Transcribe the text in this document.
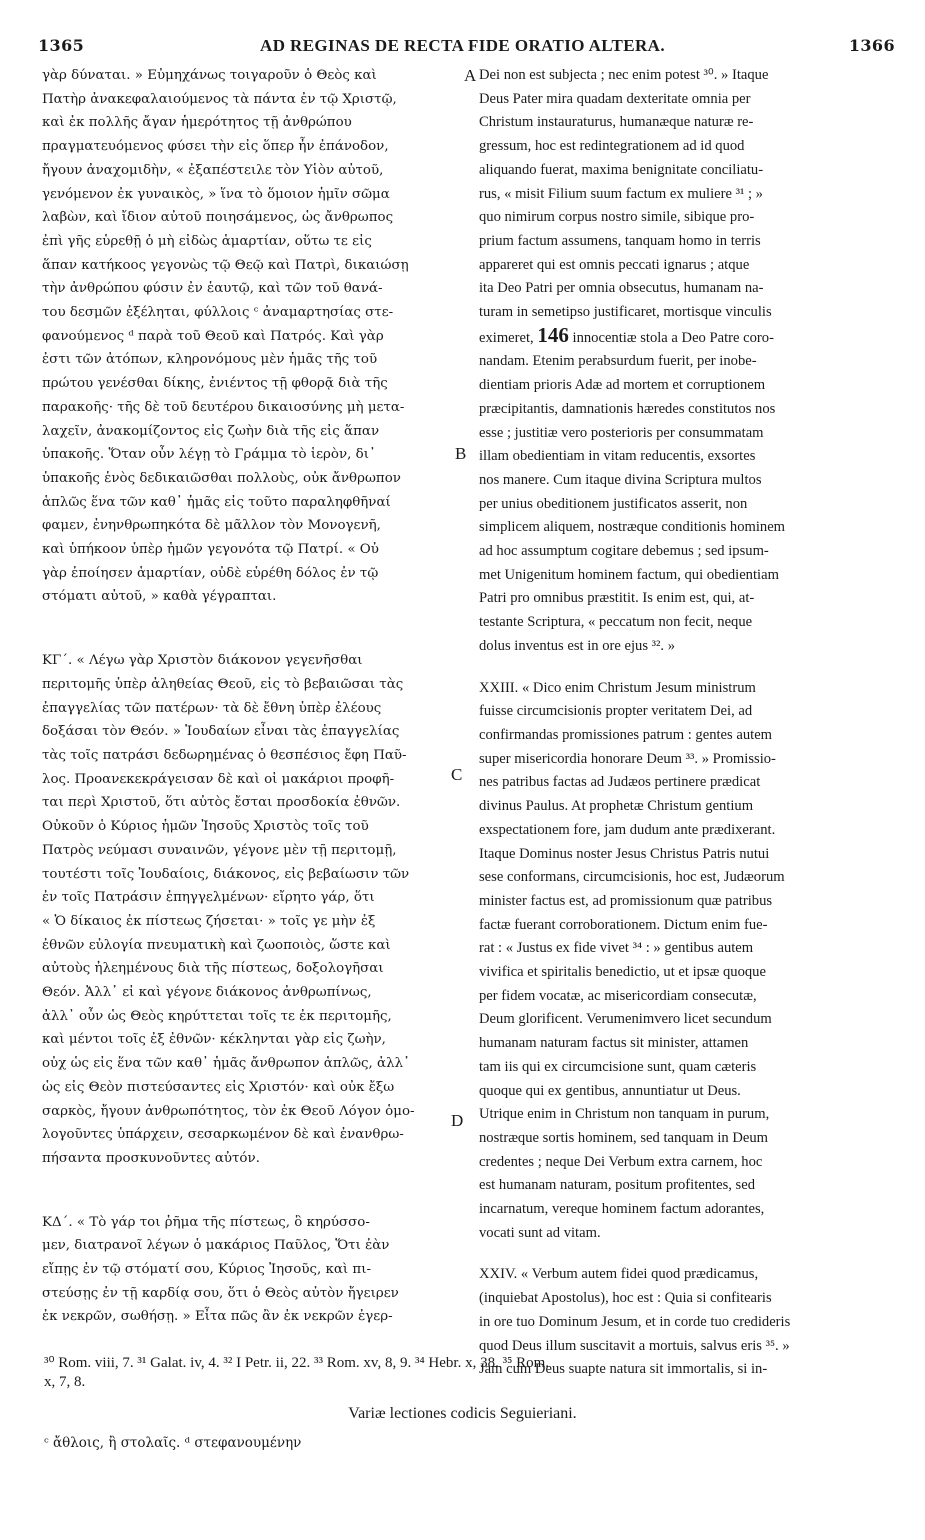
1365	AD REGINAS DE RECTA FIDE ORATIO ALTERA.	1366
A
B
C
D
γὰρ δύναται. » Εὐμηχάνως τοιγαροῦν ὁ Θεὸς καὶ
Πατὴρ ἀνακεφαλαιούμενος τὰ πάντα ἐν τῷ Χριστῷ,
καὶ ἐκ πολλῆς ἄγαν ἡμερότητος τῇ ἀνθρώπου
πραγματευόμενος φύσει τὴν εἰς ὅπερ ἦν ἐπάνοδον,
ἤγουν ἀναχομιδὴν, « ἐξαπέστειλε τὸν Υἱὸν αὐτοῦ,
γενόμενον ἐκ γυναικὸς, » ἵνα τὸ ὅμοιον ἡμῖν σῶμα
λαβὼν, καὶ ἴδιον αὐτοῦ ποιησάμενος, ὡς ἄνθρωπος
ἐπὶ γῆς εὑρεθῇ ὁ μὴ εἰδὼς ἁμαρτίαν, οὕτω τε εἰς
ἅπαν κατήκοος γεγονὼς τῷ Θεῷ καὶ Πατρὶ, δικαιώσῃ
τὴν ἀνθρώπου φύσιν ἐν ἑαυτῷ, καὶ τῶν τοῦ θανά-
του δεσμῶν ἐξέληται, φύλλοις ᶜ ἀναμαρτησίας στε-
φανούμενος ᵈ παρὰ τοῦ Θεοῦ καὶ Πατρός. Καὶ γὰρ
ἐστι τῶν ἀτόπων, κληρονόμους μὲν ἡμᾶς τῆς τοῦ
πρώτου γενέσθαι δίκης, ἐνιέντος τῇ φθορᾷ διὰ τῆς
παρακοῆς· τῆς δὲ τοῦ δευτέρου δικαιοσύνης μὴ μετα-
λαχεῖν, ἀνακομίζοντος εἰς ζωὴν διὰ τῆς εἰς ἅπαν
ὑπακοῆς. Ὅταν οὖν λέγῃ τὸ Γράμμα τὸ ἱερὸν, δι᾽
ὑπακοῆς ἑνὸς δεδικαιῶσθαι πολλοὺς, οὐκ ἄνθρωπον
ἁπλῶς ἕνα τῶν καθ᾽ ἡμᾶς εἰς τοῦτο παραληφθῆναί
φαμεν, ἐνηνθρωπηκότα δὲ μᾶλλον τὸν Μονογενῆ,
καὶ ὑπήκοον ὑπὲρ ἡμῶν γεγονότα τῷ Πατρί. « Οὐ
γὰρ ἐποίησεν ἁμαρτίαν, οὐδὲ εὑρέθη δόλος ἐν τῷ
στόματι αὐτοῦ, » καθὰ γέγραπται.
ΚΓ΄. « Λέγω γὰρ Χριστὸν διάκονον γεγενῆσθαι
περιτομῆς ὑπὲρ ἀληθείας Θεοῦ, εἰς τὸ βεβαιῶσαι τὰς
ἐπαγγελίας τῶν πατέρων· τὰ δὲ ἔθνη ὑπὲρ ἐλέους
δοξάσαι τὸν Θεόν. » Ἰουδαίων εἶναι τὰς ἐπαγγελίας
τὰς τοῖς πατράσι δεδωρημένας ὁ θεσπέσιος ἔφη Παῦ-
λος. Προανεκεκράγεισαν δὲ καὶ οἱ μακάριοι προφῆ-
ται περὶ Χριστοῦ, ὅτι αὐτὸς ἔσται προσδοκία ἐθνῶν.
Οὐκοῦν ὁ Κύριος ἡμῶν Ἰησοῦς Χριστὸς τοῖς τοῦ
Πατρὸς νεύμασι συναινῶν, γέγονε μὲν τῇ περιτομῇ,
τουτέστι τοῖς Ἰουδαίοις, διάκονος, εἰς βεβαίωσιν τῶν
ἐν τοῖς Πατράσιν ἐπηγγελμένων· εἴρητο γάρ, ὅτι
« Ὁ δίκαιος ἐκ πίστεως ζήσεται· » τοῖς γε μὴν ἐξ
ἐθνῶν εὐλογία πνευματικὴ καὶ ζωοποιὸς, ὥστε καὶ
αὐτοὺς ἠλεημένους διὰ τῆς πίστεως, δοξολογῆσαι
Θεόν. Ἀλλ᾽ εἰ καὶ γέγονε διάκονος ἀνθρωπίνως,
ἀλλ᾽ οὖν ὡς Θεὸς κηρύττεται τοῖς τε ἐκ περιτομῆς,
καὶ μέντοι τοῖς ἐξ ἐθνῶν· κέκληνται γὰρ εἰς ζωὴν,
οὐχ ὡς εἰς ἕνα τῶν καθ᾽ ἡμᾶς ἄνθρωπον ἁπλῶς, ἀλλ᾽
ὡς εἰς Θεὸν πιστεύσαντες εἰς Χριστόν· καὶ οὐκ ἔξω
σαρκὸς, ἤγουν ἀνθρωπότητος, τὸν ἐκ Θεοῦ Λόγον ὁμο-
λογοῦντες ὑπάρχειν, σεσαρκωμένον δὲ καὶ ἐνανθρω-
πήσαντα προσκυνοῦντες αὐτόν.
ΚΔ΄. « Τὸ γάρ τοι ῥῆμα τῆς πίστεως, ὃ κηρύσσο-
μεν, διατρανοῖ λέγων ὁ μακάριος Παῦλος, Ὅτι ἐὰν
εἴπῃς ἐν τῷ στόματί σου, Κύριος Ἰησοῦς, καὶ πι-
στεύσῃς ἐν τῇ καρδίᾳ σου, ὅτι ὁ Θεὸς αὐτὸν ἤγειρεν
ἐκ νεκρῶν, σωθήσῃ. » Εἶτα πῶς ἂν ἐκ νεκρῶν ἐγερ-
Dei non est subjecta ; nec enim potest ³⁰. » Itaque
Deus Pater mira quadam dexteritate omnia per
Christum instauraturus, humanæque naturæ re-
gressum, hoc est redintegrationem ad id quod
aliquando fuerat, maxima benignitate conciliatu-
rus, « misit Filium suum factum ex muliere ³¹ ; »
quo nimirum corpus nostro simile, sibique pro-
prium factum assumens, tanquam homo in terris
appareret qui est omnis peccati ignarus ; atque
ita Deo Patri per omnia obsecutus, humanam na-
turam in semetipso justificaret, mortisque vinculis
eximeret, 146 innocentiæ stola a Deo Patre coro-
nandam. Etenim perabsurdum fuerit, per inobe-
dientiam prioris Adæ ad mortem et corruptionem
præcipitantis, damnationis hæredes constitutos nos
esse ; justitiæ vero posterioris per consummatam
illam obedientiam in vitam reducentis, exsortes
nos manere. Cum itaque divina Scriptura multos
per unius obeditionem justificatos asserit, non
simplicem aliquem, nostræque conditionis hominem
ad hoc assumptum cogitare debemus ; sed ipsum-
met Unigenitum hominem factum, qui obedientiam
Patri pro omnibus præstitit. Is enim est, qui, at-
testante Scriptura, « peccatum non fecit, neque
dolus inventus est in ore ejus ³². »
XXIII. « Dico enim Christum Jesum ministrum
fuisse circumcisionis propter veritatem Dei, ad
confirmandas promissiones patrum : gentes autem
super misericordia honorare Deum ³³. » Promissio-
nes patribus factas ad Judæos pertinere prædicat
divinus Paulus. At prophetæ Christum gentium
exspectationem fore, jam dudum ante prædixerant.
Itaque Dominus noster Jesus Christus Patris nutui
sese conformans, circumcisionis, hoc est, Judæorum
minister factus est, ad promissionum quæ patribus
factæ fuerant corroborationem. Dictum enim fue-
rat : « Justus ex fide vivet ³⁴ : » gentibus autem
vivifica et spiritalis benedictio, ut et ipsæ quoque
per fidem vocatæ, ac misericordiam consecutæ,
Deum glorificent. Verumenimvero licet secundum
humanam naturam factus sit minister, attamen
tam iis qui ex circumcisione sunt, quam cæteris
quoque qui ex gentibus, annuntiatur ut Deus.
Utrique enim in Christum non tanquam in purum,
nostræque sortis hominem, sed tanquam in Deum
credentes ; neque Dei Verbum extra carnem, hoc
est humanam naturam, positum profitentes, sed
incarnatum, vereque hominem factum adorantes,
vocati sunt ad vitam.
XXIV. « Verbum autem fidei quod prædicamus,
(inquiebat Apostolus), hoc est : Quia si confitearis
in ore tuo Dominum Jesum, et in corde tuo credideris
quod Deus illum suscitavit a mortuis, salvus eris ³⁵. »
Jam cum Deus suapte natura sit immortalis, si in-
³⁰ Rom. viii, 7. ³¹ Galat. iv, 4. ³² I Petr. ii, 22. ³³ Rom. xv, 8, 9. ³⁴ Hebr. x, 38. ³⁵ Rom.
x, 7, 8.
Variæ lectiones codicis Seguieriani.
ᶜ ἄθλοις, ἢ στολαῖς. ᵈ στεφανουμένην
